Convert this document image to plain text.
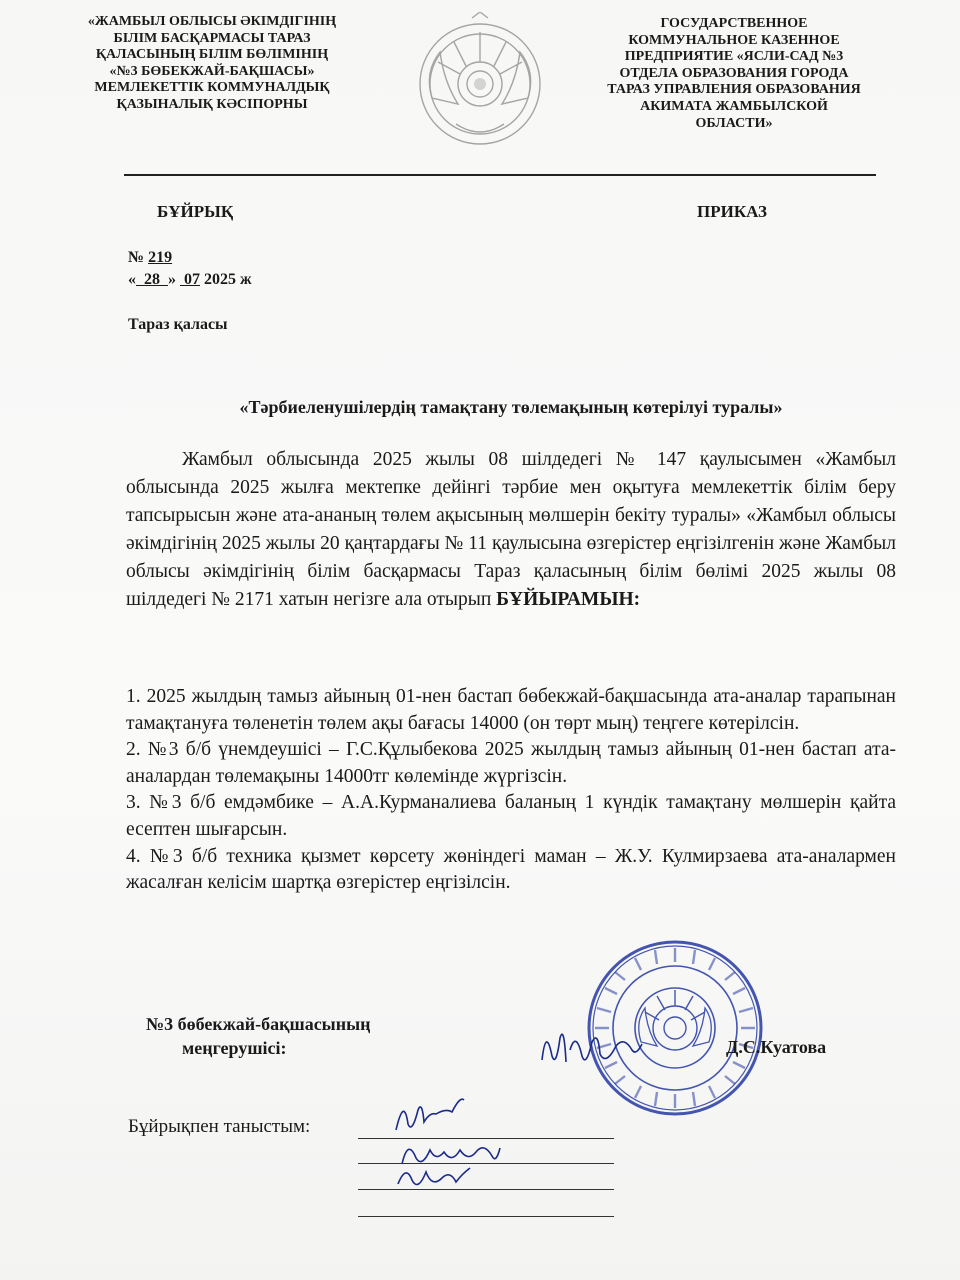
«ЖАМБЫЛ ОБЛЫСЫ ӘКІМДІГІНІҢ
БІЛІМ БАСҚАРМАСЫ ТАРАЗ
ҚАЛАСЫНЫҢ БІЛІМ БӨЛІМІНІҢ
«№3 БӨБЕКЖАЙ-БАҚШАСЫ»
МЕМЛЕКЕТТІК КОММУНАЛДЫҚ
ҚАЗЫНАЛЫҚ КӘСІПОРНЫ
ГОСУДАРСТВЕННОЕ
КОММУНАЛЬНОЕ КАЗЕННОЕ
ПРЕДПРИЯТИЕ «ЯСЛИ-САД №3
ОТДЕЛА ОБРАЗОВАНИЯ ГОРОДА
ТАРАЗ УПРАВЛЕНИЯ ОБРАЗОВАНИЯ
АКИМАТА ЖАМБЫЛСКОЙ
ОБЛАСТИ»
БҰЙРЫҚ	ПРИКАЗ
№ 219
« 28 » 07 2025 ж
Тараз қаласы
«Тәрбиеленушілердің тамақтану төлемақының көтерілуі туралы»
Жамбыл облысында 2025 жылы 08 шілдедегі № 147 қаулысымен «Жамбыл облысында 2025 жылға мектепке дейінгі тәрбие мен оқытуға мемлекеттік білім беру тапсырысын және ата-ананың төлем ақысының мөлшерін бекіту туралы» «Жамбыл облысы әкімдігінің 2025 жылы 20 қаңтардағы № 11 қаулысына өзгерістер еңгізілгенін және Жамбыл облысы әкімдігінің білім басқармасы Тараз қаласының білім бөлімі 2025 жылы 08 шілдедегі № 2171 хатын негізге ала отырып БҰЙЫРАМЫН:

1. 2025 жылдың тамыз айының 01-нен бастап бөбекжай-бақшасында ата-аналар тарапынан тамақтануға төленетін төлем ақы бағасы 14000 (он төрт мың) теңгеге көтерілсін.

2. №3 б/б үнемдеушісі – Г.С.Құлыбекова 2025 жылдың тамыз айының 01-нен бастап ата-аналардан төлемақыны 14000тг көлемінде жүргізсін.

3. №3 б/б емдәмбике – А.А.Курманалиева баланың 1 күндік тамақтану мөлшерін қайта есептен шығарсын.

4. №3 б/б техника қызмет көрсету жөніндегі маман – Ж.У. Кулмирзаева ата-аналармен жасалған келісім шартқа өзгерістер еңгізілсін.

№3 бөбекжай-бақшасының
меңгерушісі:	Д.С.Куатова
Бұйрықпен таныстым:
